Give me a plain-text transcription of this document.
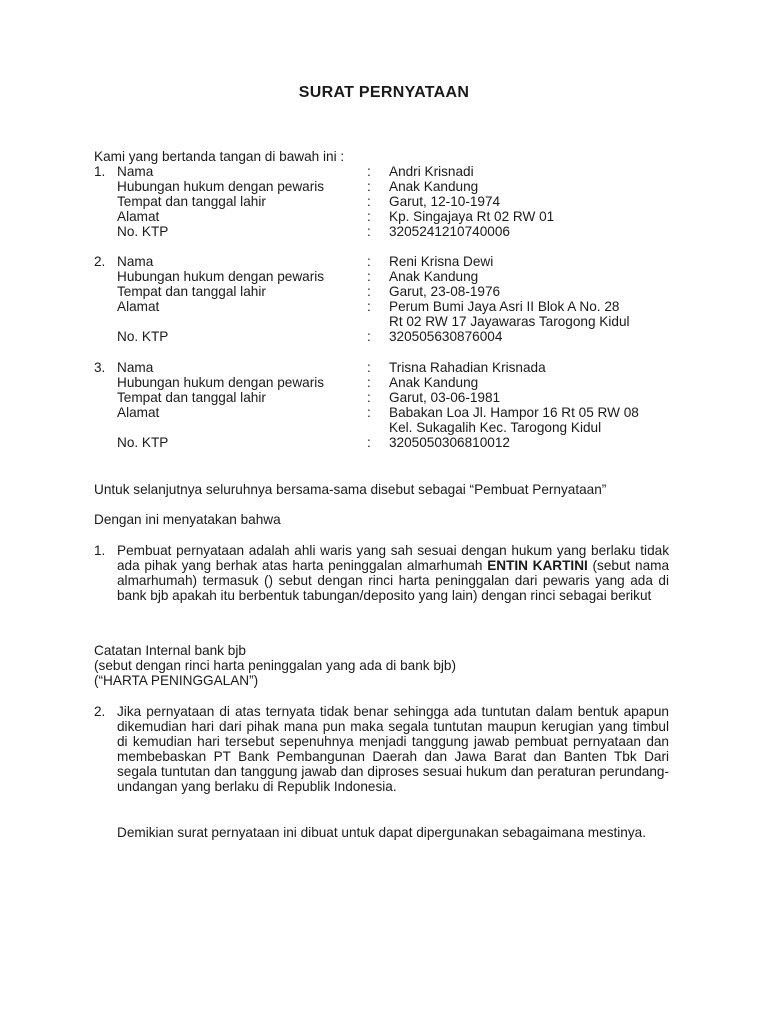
SURAT PERNYATAAN
Kami yang bertanda tangan di bawah ini :
1. Nama	:	Andri Krisnadi
Hubungan hukum dengan pewaris	:	Anak Kandung
Tempat dan tanggal lahir	:	Garut, 12-10-1974
Alamat	:	Kp. Singajaya Rt 02 RW 01
No. KTP	:	3205241210740006
2. Nama	:	Reni Krisna Dewi
Hubungan hukum dengan pewaris	:	Anak Kandung
Tempat dan tanggal lahir	:	Garut, 23-08-1976
Alamat	:	Perum Bumi Jaya Asri II Blok A No. 28
Rt 02 RW 17 Jayawaras Tarogong Kidul
No. KTP	:	320505630876004
3. Nama	:	Trisna Rahadian Krisnada
Hubungan hukum dengan pewaris	:	Anak Kandung
Tempat dan tanggal lahir	:	Garut, 03-06-1981
Alamat	:	Babakan Loa Jl. Hampor 16 Rt 05 RW 08
Kel. Sukagalih Kec. Tarogong Kidul
No. KTP	:	3205050306810012
Untuk selanjutnya seluruhnya bersama-sama disebut sebagai “Pembuat Pernyataan”
Dengan ini menyatakan bahwa
1. Pembuat pernyataan adalah ahli waris yang sah sesuai dengan hukum yang berlaku tidak ada pihak yang berhak atas harta peninggalan almarhumah ENTIN KARTINI (sebut nama almarhumah) termasuk () sebut dengan rinci harta peninggalan dari pewaris yang ada di bank bjb apakah itu berbentuk tabungan/deposito yang lain) dengan rinci sebagai berikut
Catatan Internal bank bjb
(sebut dengan rinci harta peninggalan yang ada di bank bjb)
(“HARTA PENINGGALAN”)
2. Jika pernyataan di atas ternyata tidak benar sehingga ada tuntutan dalam bentuk apapun dikemudian hari dari pihak mana pun maka segala tuntutan maupun kerugian yang timbul di kemudian hari tersebut sepenuhnya menjadi tanggung jawab pembuat pernyataan dan membebaskan PT Bank Pembangunan Daerah dan Jawa Barat dan Banten Tbk Dari segala tuntutan dan tanggung jawab dan diproses sesuai hukum dan peraturan perundang-undangan yang berlaku di Republik Indonesia.
Demikian surat pernyataan ini dibuat untuk dapat dipergunakan sebagaimana mestinya.
